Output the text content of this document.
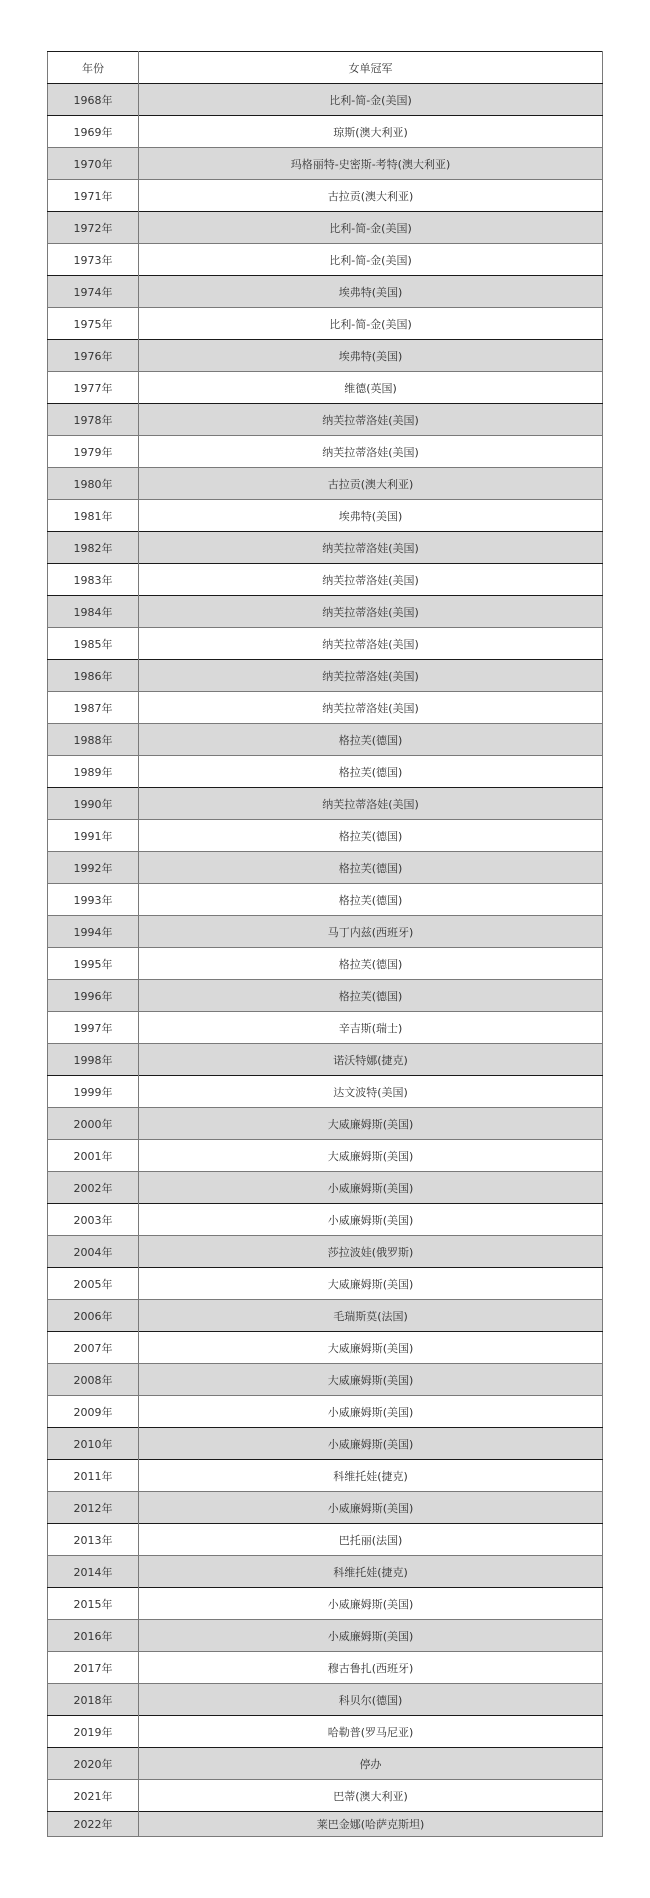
年份	女单冠军
1968年	比利-简-金(美国)
1969年	琼斯(澳大利亚)
1970年	玛格丽特-史密斯-考特(澳大利亚)
1971年	古拉贡(澳大利亚)
1972年	比利-简-金(美国)
1973年	比利-简-金(美国)
1974年	埃弗特(美国)
1975年	比利-简-金(美国)
1976年	埃弗特(美国)
1977年	维德(英国)
1978年	纳芙拉蒂洛娃(美国)
1979年	纳芙拉蒂洛娃(美国)
1980年	古拉贡(澳大利亚)
1981年	埃弗特(美国)
1982年	纳芙拉蒂洛娃(美国)
1983年	纳芙拉蒂洛娃(美国)
1984年	纳芙拉蒂洛娃(美国)
1985年	纳芙拉蒂洛娃(美国)
1986年	纳芙拉蒂洛娃(美国)
1987年	纳芙拉蒂洛娃(美国)
1988年	格拉芙(德国)
1989年	格拉芙(德国)
1990年	纳芙拉蒂洛娃(美国)
1991年	格拉芙(德国)
1992年	格拉芙(德国)
1993年	格拉芙(德国)
1994年	马丁内兹(西班牙)
1995年	格拉芙(德国)
1996年	格拉芙(德国)
1997年	辛吉斯(瑞士)
1998年	诺沃特娜(捷克)
1999年	达文波特(美国)
2000年	大威廉姆斯(美国)
2001年	大威廉姆斯(美国)
2002年	小威廉姆斯(美国)
2003年	小威廉姆斯(美国)
2004年	莎拉波娃(俄罗斯)
2005年	大威廉姆斯(美国)
2006年	毛瑞斯莫(法国)
2007年	大威廉姆斯(美国)
2008年	大威廉姆斯(美国)
2009年	小威廉姆斯(美国)
2010年	小威廉姆斯(美国)
2011年	科维托娃(捷克)
2012年	小威廉姆斯(美国)
2013年	巴托丽(法国)
2014年	科维托娃(捷克)
2015年	小威廉姆斯(美国)
2016年	小威廉姆斯(美国)
2017年	穆古鲁扎(西班牙)
2018年	科贝尔(德国)
2019年	哈勒普(罗马尼亚)
2020年	停办
2021年	巴蒂(澳大利亚)
2022年	莱巴金娜(哈萨克斯坦)
